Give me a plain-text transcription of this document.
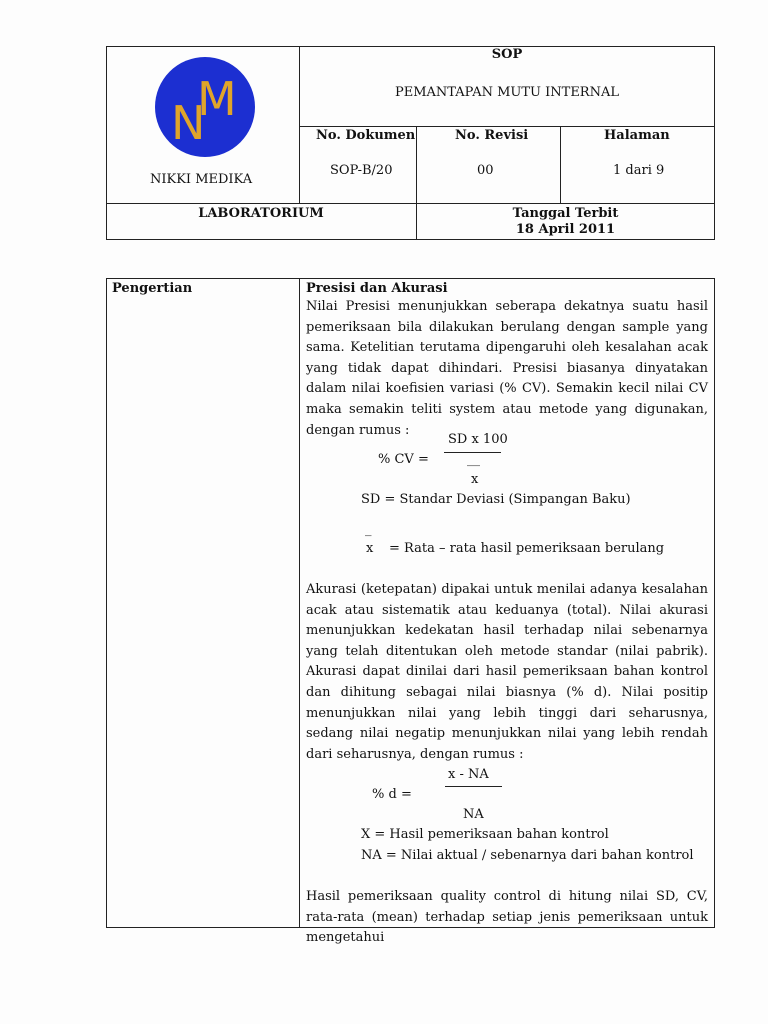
N
M
NIKKI MEDIKA
SOP
PEMANTAPAN MUTU INTERNAL
No. Dokumen	No. Revisi	Halaman
SOP-B/20	00	1 dari 9
LABORATORIUM	Tanggal Terbit
18 April 2011
Pengertian	Presisi dan Akurasi
Nilai Presisi menunjukkan seberapa dekatnya suatu hasil pemeriksaan bila dilakukan berulang dengan sample yang sama. Ketelitian terutama dipengaruhi oleh kesalahan acak yang tidak dapat dihindari. Presisi biasanya dinyatakan dalam nilai koefisien variasi (% CV). Semakin kecil nilai CV maka semakin teliti system atau metode yang digunakan, dengan rumus :
SD x 100
% CV =	__
x
SD = Standar Deviasi (Simpangan Baku)
_
x = Rata – rata hasil pemeriksaan berulang
Akurasi (ketepatan) dipakai untuk menilai adanya kesalahan acak atau sistematik atau keduanya (total). Nilai akurasi menunjukkan kedekatan hasil terhadap nilai sebenarnya yang telah ditentukan oleh metode standar (nilai pabrik). Akurasi dapat dinilai dari hasil pemeriksaan bahan kontrol dan dihitung sebagai nilai biasnya (% d). Nilai positip menunjukkan nilai yang lebih tinggi dari seharusnya, sedang nilai negatip menunjukkan nilai yang lebih rendah dari seharusnya, dengan rumus :
x - NA
% d =
NA
X = Hasil pemeriksaan bahan kontrol
NA = Nilai aktual / sebenarnya dari bahan kontrol
Hasil pemeriksaan quality control di hitung nilai SD, CV, rata-rata (mean) terhadap setiap jenis pemeriksaan untuk mengetahui
